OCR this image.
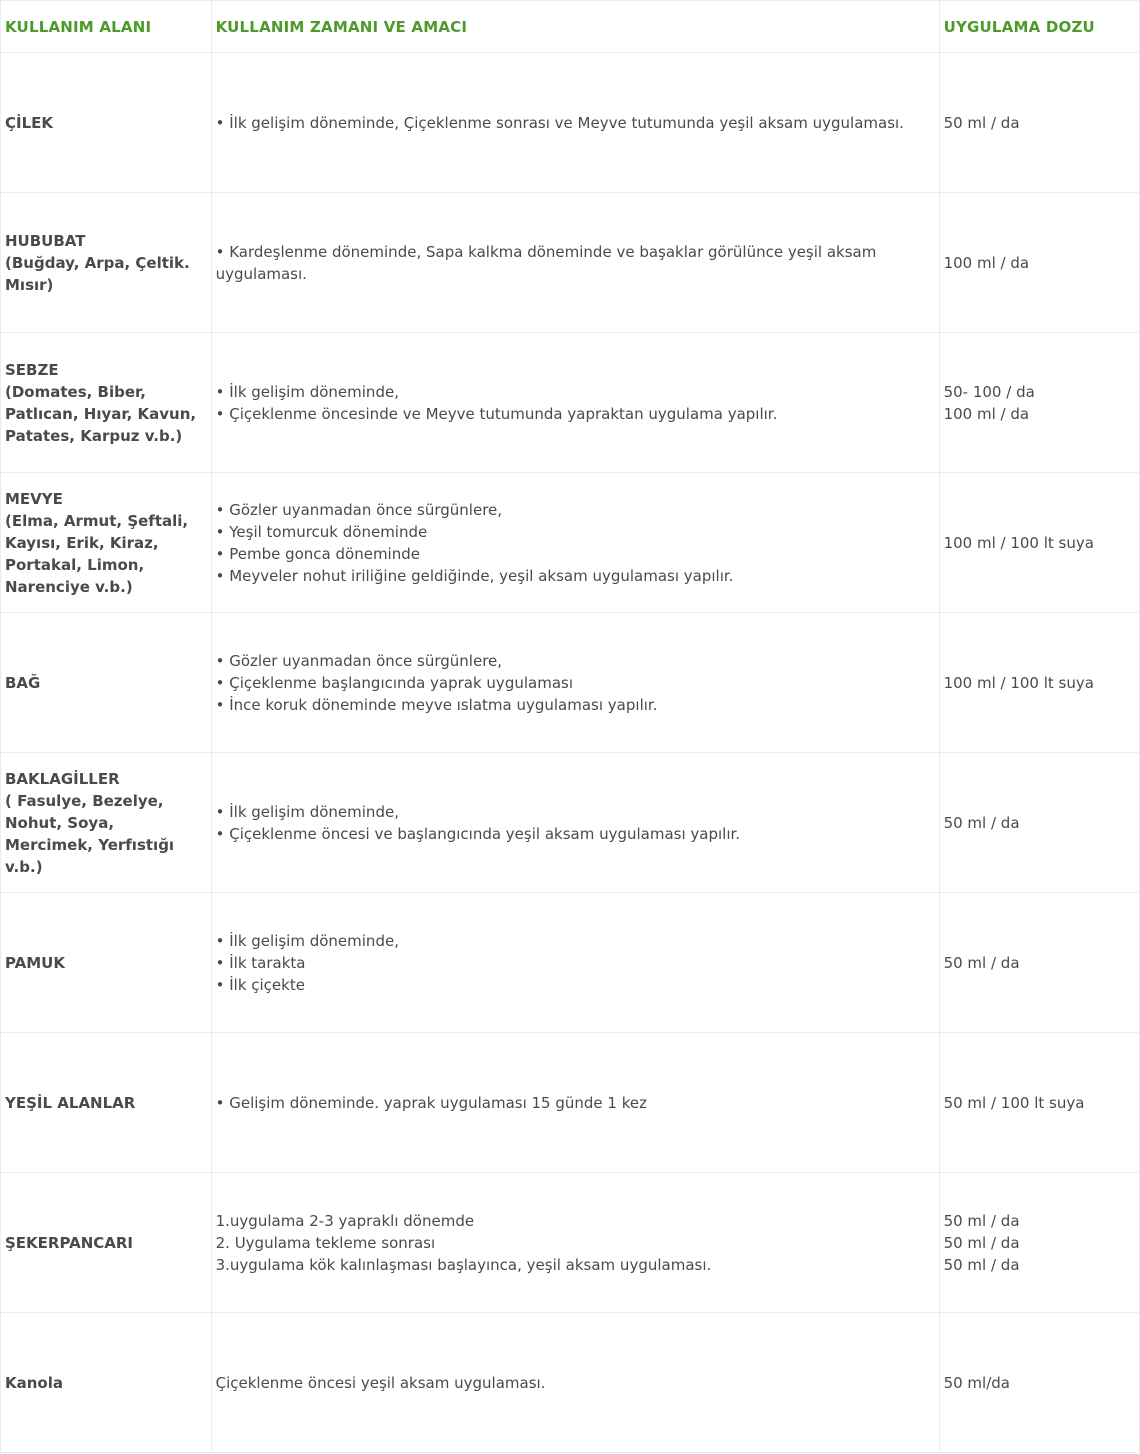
KULLANIM ALANI	KULLANIM ZAMANI VE AMACI	UYGULAMA DOZU

ÇİLEK	• İlk gelişim döneminde, Çiçeklenme sonrası ve Meyve tutumunda yeşil aksam uygulaması.	50 ml / da

HUBUBAT
(Buğday, Arpa, Çeltik. Mısır)	• Kardeşlenme döneminde, Sapa kalkma döneminde ve başaklar görülünce yeşil aksam uygulaması.	100 ml / da

SEBZE
(Domates, Biber, Patlıcan, Hıyar, Kavun, Patates, Karpuz v.b.)	• İlk gelişim döneminde,
• Çiçeklenme öncesinde ve Meyve tutumunda yapraktan uygulama yapılır.	50- 100 / da
100 ml / da

MEVYE
(Elma, Armut, Şeftali, Kayısı, Erik, Kiraz, Portakal, Limon, Narenciye v.b.)	• Gözler uyanmadan önce sürgünlere,
• Yeşil tomurcuk döneminde
• Pembe gonca döneminde
• Meyveler nohut iriliğine geldiğinde, yeşil aksam uygulaması yapılır.	100 ml / 100 lt suya

BAĞ	• Gözler uyanmadan önce sürgünlere,
• Çiçeklenme başlangıcında yaprak uygulaması
• İnce koruk döneminde meyve ıslatma uygulaması yapılır.	100 ml / 100 lt suya

BAKLAGİLLER
( Fasulye, Bezelye, Nohut, Soya, Mercimek, Yerfıstığı v.b.)	• İlk gelişim döneminde,
• Çiçeklenme öncesi ve başlangıcında yeşil aksam uygulaması yapılır.	50 ml / da

PAMUK	• İlk gelişim döneminde,
• İlk tarakta
• İlk çiçekte	50 ml / da

YEŞİL ALANLAR	• Gelişim döneminde. yaprak uygulaması 15 günde 1 kez	50 ml / 100 lt suya

ŞEKERPANCARI	1.uygulama 2-3 yapraklı dönemde
2. Uygulama tekleme sonrası
3.uygulama kök kalınlaşması başlayınca, yeşil aksam uygulaması.	50 ml / da
50 ml / da
50 ml / da

Kanola	Çiçeklenme öncesi yeşil aksam uygulaması.	50 ml/da
